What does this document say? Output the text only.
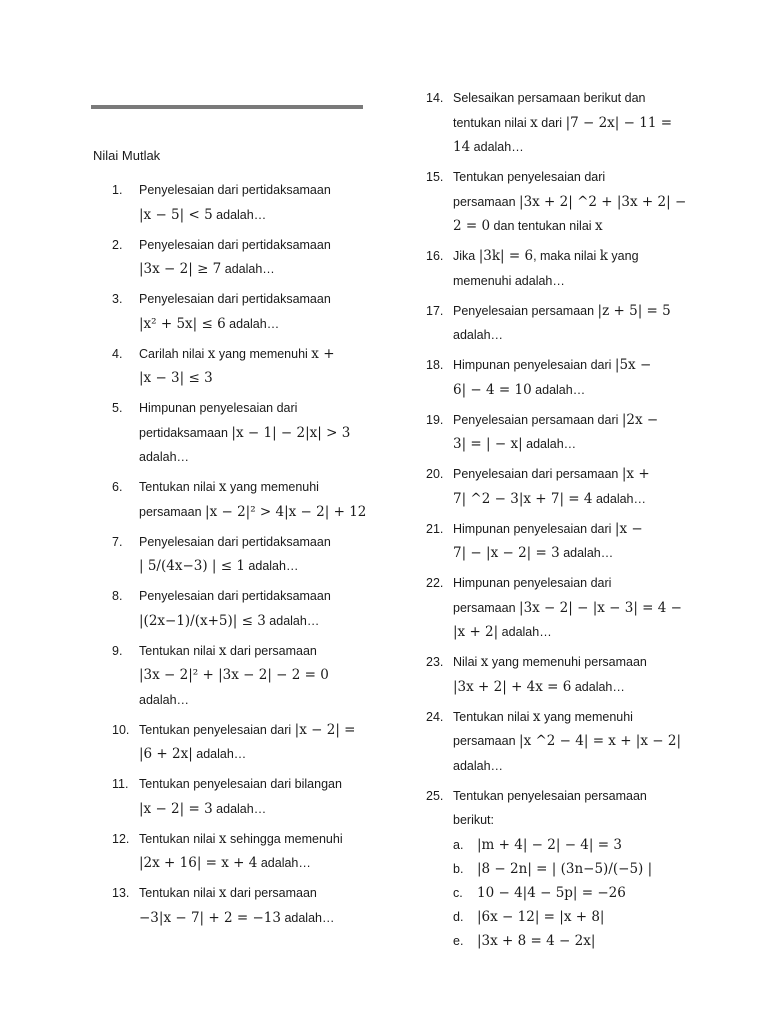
Nilai Mutlak
1.	Penyelesaian dari pertidaksamaan
|x − 5| < 5 adalah…
2.	Penyelesaian dari pertidaksamaan
|3x − 2| ≥ 7 adalah…
3.	Penyelesaian dari pertidaksamaan
|x² + 5x| ≤ 6 adalah…
4.	Carilah nilai x yang memenuhi x +
|x − 3| ≤ 3
5.	Himpunan penyelesaian dari
pertidaksamaan |x − 1| − 2|x| > 3
adalah…
6.	Tentukan nilai x yang memenuhi
persamaan |x − 2|² > 4|x − 2| + 12
7.	Penyelesaian dari pertidaksamaan
| 5/(4x−3) | ≤ 1 adalah…
8.	Penyelesaian dari pertidaksamaan
|(2x−1)/(x+5)| ≤ 3 adalah…
9.	Tentukan nilai x dari persamaan
|3x − 2|² + |3x − 2| − 2 = 0
adalah…
10. Tentukan penyelesaian dari |x − 2| =
|6 + 2x| adalah…
11. Tentukan penyelesaian dari bilangan
|x − 2| = 3 adalah…
12. Tentukan nilai x sehingga memenuhi
|2x + 16| = x + 4 adalah…
13. Tentukan nilai x dari persamaan
−3|x − 7| + 2 = −13 adalah…
14. Selesaikan persamaan berikut dan
tentukan nilai x dari |7 − 2x| − 11 =
14 adalah…
15. Tentukan penyelesaian dari
persamaan |3x + 2| ^2 + |3x + 2| −
2 = 0 dan tentukan nilai x
16. Jika |3k| = 6, maka nilai k yang
memenuhi adalah…
17. Penyelesaian persamaan |z + 5| = 5
adalah…
18. Himpunan penyelesaian dari |5x −
6| − 4 = 10 adalah…
19. Penyelesaian persamaan dari |2x −
3| = | − x| adalah…
20. Penyelesaian dari persamaan |x +
7| ^2 − 3|x + 7| = 4 adalah…
21. Himpunan penyelesaian dari |x −
7| − |x − 2| = 3 adalah…
22. Himpunan penyelesaian dari
persamaan |3x − 2| − |x − 3| = 4 −
|x + 2| adalah…
23. Nilai x yang memenuhi persamaan
|3x + 2| + 4x = 6 adalah…
24. Tentukan nilai x yang memenuhi
persamaan |x ^2 − 4| = x + |x − 2|
adalah…
25. Tentukan penyelesaian persamaan
berikut:
a. |m + 4| − 2| − 4| = 3
b. |8 − 2n| = | (3n−5)/(−5) |
c. 10 − 4|4 − 5p| = −26
d. |6x − 12| = |x + 8|
e. |3x + 8 = 4 − 2x|
